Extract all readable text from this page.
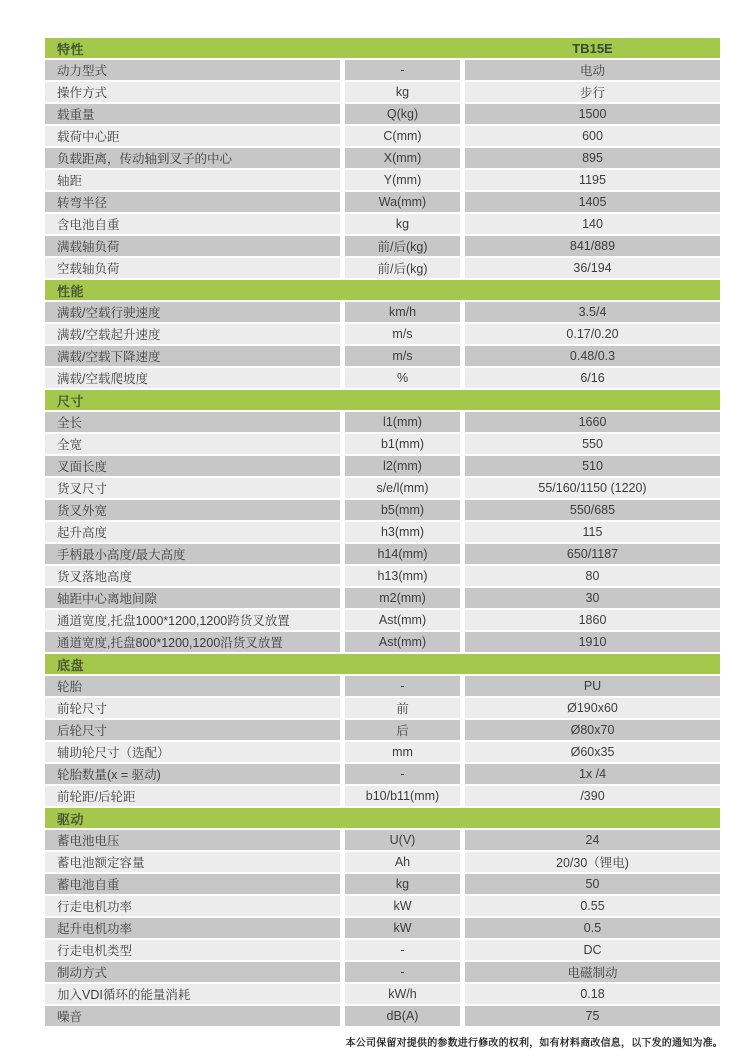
特性	TB15E
动力型式	-	电动
操作方式	kg	步行
载重量	Q(kg)	1500
载荷中心距	C(mm)	600
负载距离，传动轴到叉子的中心	X(mm)	895
轴距	Y(mm)	1195
转弯半径	Wa(mm)	1405
含电池自重	kg	140
满载轴负荷	前/后(kg)	841/889
空载轴负荷	前/后(kg)	36/194
性能
满载/空载行驶速度	km/h	3.5/4
满载/空载起升速度	m/s	0.17/0.20
满载/空载下降速度	m/s	0.48/0.3
满载/空载爬坡度	%	6/16
尺寸
全长	l1(mm)	1660
全宽	b1(mm)	550
叉面长度	l2(mm)	510
货叉尺寸	s/e/l(mm)	55/160/1150 (1220)
货叉外宽	b5(mm)	550/685
起升高度	h3(mm)	115
手柄最小高度/最大高度	h14(mm)	650/1187
货叉落地高度	h13(mm)	80
轴距中心离地间隙	m2(mm)	30
通道宽度,托盘1000*1200,1200跨货叉放置	Ast(mm)	1860
通道宽度,托盘800*1200,1200沿货叉放置	Ast(mm)	1910
底盘
轮胎	-	PU
前轮尺寸	前	Ø190x60
后轮尺寸	后	Ø80x70
辅助轮尺寸（选配）	mm	Ø60x35
轮胎数量(x = 驱动)	-	1x /4
前轮距/后轮距	b10/b11(mm)	/390
驱动
蓄电池电压	U(V)	24
蓄电池额定容量	Ah	20/30（锂电)
蓄电池自重	kg	50
行走电机功率	kW	0.55
起升电机功率	kW	0.5
行走电机类型	-	DC
制动方式	-	电磁制动
加入VDI循环的能量消耗	kW/h	0.18
噪音	dB(A)	75
本公司保留对提供的参数进行修改的权利，如有材料商改信息，以下发的通知为准。
